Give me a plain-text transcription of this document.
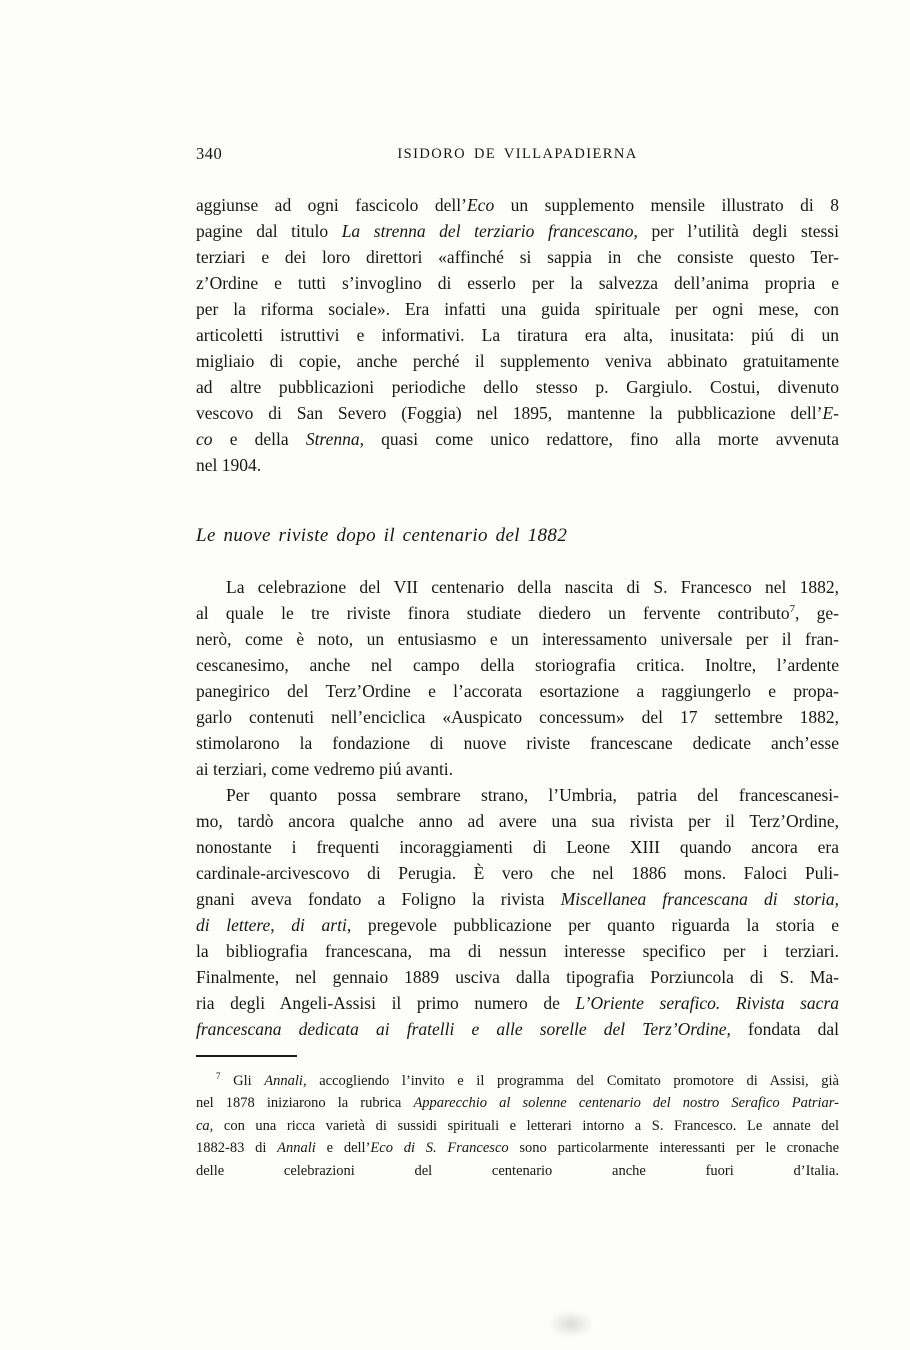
340	ISIDORO DE VILLAPADIERNA
aggiunse ad ogni fascicolo dell’Eco un supplemento mensile illustrato di 8
pagine dal titulo La strenna del terziario francescano, per l’utilità degli stessi
terziari e dei loro direttori «affinché si sappia in che consiste questo Ter-
z’Ordine e tutti s’invoglino di esserlo per la salvezza dell’anima propria e
per la riforma sociale». Era infatti una guida spirituale per ogni mese, con
articoletti istruttivi e informativi. La tiratura era alta, inusitata: piú di un
migliaio di copie, anche perché il supplemento veniva abbinato gratuitamente
ad altre pubblicazioni periodiche dello stesso p. Gargiulo. Costui, divenuto
vescovo di San Severo (Foggia) nel 1895, mantenne la pubblicazione dell’E-
co e della Strenna, quasi come unico redattore, fino alla morte avvenuta
nel 1904.
Le nuove riviste dopo il centenario del 1882
La celebrazione del VII centenario della nascita di S. Francesco nel 1882,
al quale le tre riviste finora studiate diedero un fervente contributo$^7$, ge-
nerò, come è noto, un entusiasmo e un interessamento universale per il fran-
cescanesimo, anche nel campo della storiografia critica. Inoltre, l’ardente
panegirico del Terz’Ordine e l’accorata esortazione a raggiungerlo e propa-
garlo contenuti nell’enciclica «Auspicato concessum» del 17 settembre 1882,
stimolarono la fondazione di nuove riviste francescane dedicate anch’esse
ai terziari, come vedremo piú avanti.
Per quanto possa sembrare strano, l’Umbria, patria del francescanesi-
mo, tardò ancora qualche anno ad avere una sua rivista per il Terz’Ordine,
nonostante i frequenti incoraggiamenti di Leone XIII quando ancora era
cardinale-arcivescovo di Perugia. È vero che nel 1886 mons. Faloci Puli-
gnani aveva fondato a Foligno la rivista Miscellanea francescana di storia,
di lettere, di arti, pregevole pubblicazione per quanto riguarda la storia e
la bibliografia francescana, ma di nessun interesse specifico per i terziari.
Finalmente, nel gennaio 1889 usciva dalla tipografia Porziuncola di S. Ma-
ria degli Angeli-Assisi il primo numero de L’Oriente serafico. Rivista sacra
francescana dedicata ai fratelli e alle sorelle del Terz’Ordine, fondata dal
$^7$ Gli Annali, accogliendo l’invito e il programma del Comitato promotore di Assisi, già
nel 1878 iniziarono la rubrica Apparecchio al solenne centenario del nostro Serafico Patriar-
ca, con una ricca varietà di sussidi spirituali e letterari intorno a S. Francesco. Le annate del
1882-83 di Annali e dell’Eco di S. Francesco sono particolarmente interessanti per le cronache
delle celebrazioni del centenario anche fuori d’Italia.
